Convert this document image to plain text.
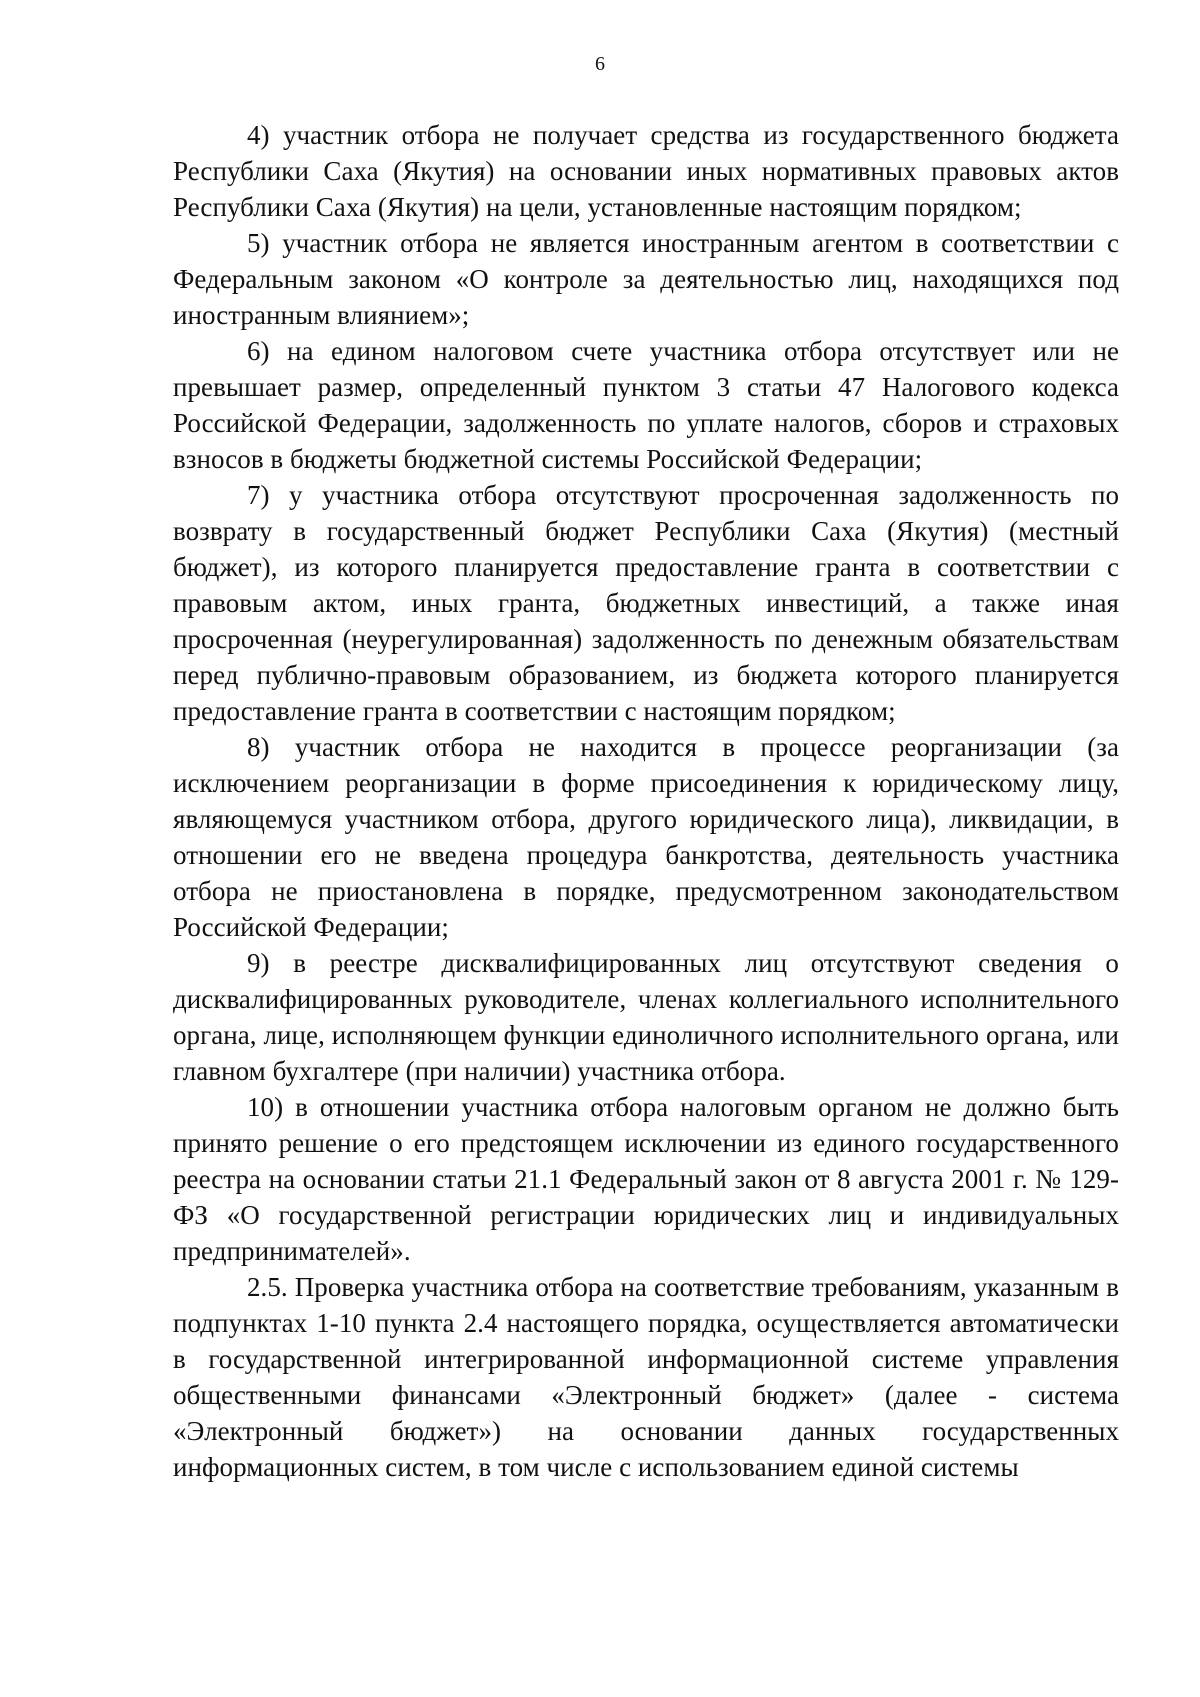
6

4) участник отбора не получает средства из государственного бюджета Республики Саха (Якутия) на основании иных нормативных правовых актов Республики Саха (Якутия) на цели, установленные настоящим порядком;

5) участник отбора не является иностранным агентом в соответствии с Федеральным законом «О контроле за деятельностью лиц, находящихся под иностранным влиянием»;

6) на едином налоговом счете участника отбора отсутствует или не превышает размер, определенный пунктом 3 статьи 47 Налогового кодекса Российской Федерации, задолженность по уплате налогов, сборов и страховых взносов в бюджеты бюджетной системы Российской Федерации;

7) у участника отбора отсутствуют просроченная задолженность по возврату в государственный бюджет Республики Саха (Якутия) (местный бюджет), из которого планируется предоставление гранта в соответствии с правовым актом, иных гранта, бюджетных инвестиций, а также иная просроченная (неурегулированная) задолженность по денежным обязательствам перед публично-правовым образованием, из бюджета которого планируется предоставление гранта в соответствии с настоящим порядком;

8) участник отбора не находится в процессе реорганизации (за исключением реорганизации в форме присоединения к юридическому лицу, являющемуся участником отбора, другого юридического лица), ликвидации, в отношении его не введена процедура банкротства, деятельность участника отбора не приостановлена в порядке, предусмотренном законодательством Российской Федерации;

9) в реестре дисквалифицированных лиц отсутствуют сведения о дисквалифицированных руководителе, членах коллегиального исполнительного органа, лице, исполняющем функции единоличного исполнительного органа, или главном бухгалтере (при наличии) участника отбора.

10) в отношении участника отбора налоговым органом не должно быть принято решение о его предстоящем исключении из единого государственного реестра на основании статьи 21.1 Федеральный закон от 8 августа 2001 г. № 129-ФЗ «О государственной регистрации юридических лиц и индивидуальных предпринимателей».

2.5. Проверка участника отбора на соответствие требованиям, указанным в подпунктах 1-10 пункта 2.4 настоящего порядка, осуществляется автоматически в государственной интегрированной информационной системе управления общественными финансами «Электронный бюджет» (далее - система «Электронный бюджет») на основании данных государственных информационных систем, в том числе с использованием единой системы
